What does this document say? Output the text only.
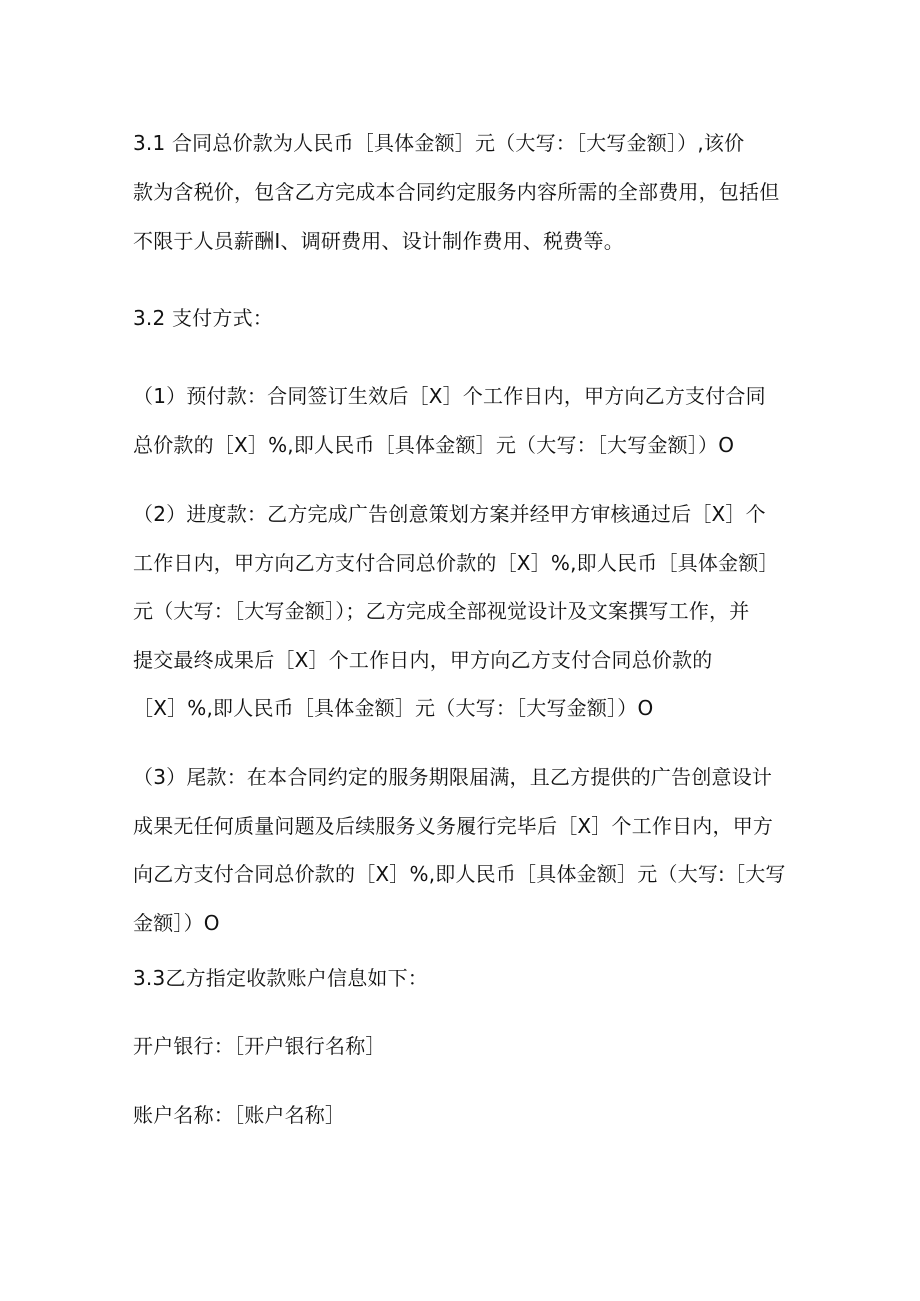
3.1 合同总价款为人民币［具体金额］元（大写：［大写金额］）,该价
款为含税价，包含乙方完成本合同约定服务内容所需的全部费用，包括但
不限于人员薪酬I、调研费用、设计制作费用、税费等。
3.2 支付方式：
（1）预付款：合同签订生效后［X］个工作日内，甲方向乙方支付合同
总价款的［X］%,即人民币［具体金额］元（大写：［大写金额］）O
（2）进度款：乙方完成广告创意策划方案并经甲方审核通过后［X］个
工作日内，甲方向乙方支付合同总价款的［X］%,即人民币［具体金额］
元（大写：［大写金额］）；乙方完成全部视觉设计及文案撰写工作，并
提交最终成果后［X］个工作日内，甲方向乙方支付合同总价款的
［X］%,即人民币［具体金额］元（大写：［大写金额］）O
（3）尾款：在本合同约定的服务期限届满，且乙方提供的广告创意设计
成果无任何质量问题及后续服务义务履行完毕后［X］个工作日内，甲方
向乙方支付合同总价款的［X］%,即人民币［具体金额］元（大写:［大写
金额］）O
3.3乙方指定收款账户信息如下：
开户银行：［开户银行名称］
账户名称：［账户名称］
